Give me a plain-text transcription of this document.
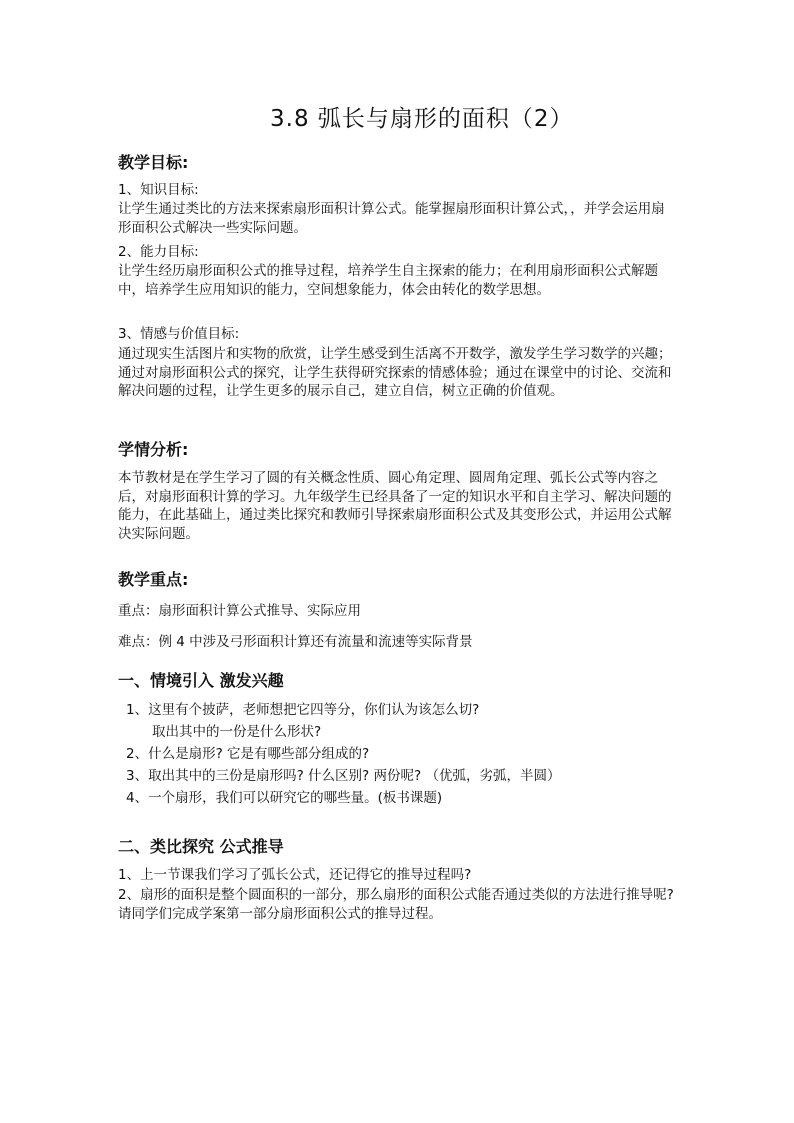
3.8 弧长与扇形的面积（2）
教学目标:
1、知识目标:

让学生通过类比的方法来探索扇形面积计算公式。能掌握扇形面积计算公式，，并学会运用扇形面积公式解决一些实际问题。

2、能力目标:

让学生经历扇形面积公式的推导过程，培养学生自主探索的能力；在利用扇形面积公式解题中，培养学生应用知识的能力，空间想象能力，体会由转化的数学思想。

3、情感与价值目标:

通过现实生活图片和实物的欣赏，让学生感受到生活离不开数学，激发学生学习数学的兴趣；通过对扇形面积公式的探究，让学生获得研究探索的情感体验；通过在课堂中的讨论、交流和解决问题的过程，让学生更多的展示自己，建立自信，树立正确的价值观。

学情分析:

本节教材是在学生学习了圆的有关概念性质、圆心角定理、圆周角定理、弧长公式等内容之后，对扇形面积计算的学习。九年级学生已经具备了一定的知识水平和自主学习、解决问题的能力，在此基础上，通过类比探究和教师引导探索扇形面积公式及其变形公式，并运用公式解决实际问题。

教学重点:
重点：扇形面积计算公式推导、实际应用
难点：例 4 中涉及弓形面积计算还有流量和流速等实际背景
一、情境引入 激发兴趣
1、这里有个披萨，老师想把它四等分，你们认为该怎么切?
取出其中的一份是什么形状?
2、什么是扇形? 它是有哪些部分组成的?
3、取出其中的三份是扇形吗? 什么区别? 两份呢? （优弧，劣弧，半圆）
4、一个扇形，我们可以研究它的哪些量。(板书课题)
二、类比探究 公式推导
1、上一节课我们学习了弧长公式，还记得它的推导过程吗?

2、扇形的面积是整个圆面积的一部分，那么扇形的面积公式能否通过类似的方法进行推导呢? 请同学们完成学案第一部分扇形面积公式的推导过程。
